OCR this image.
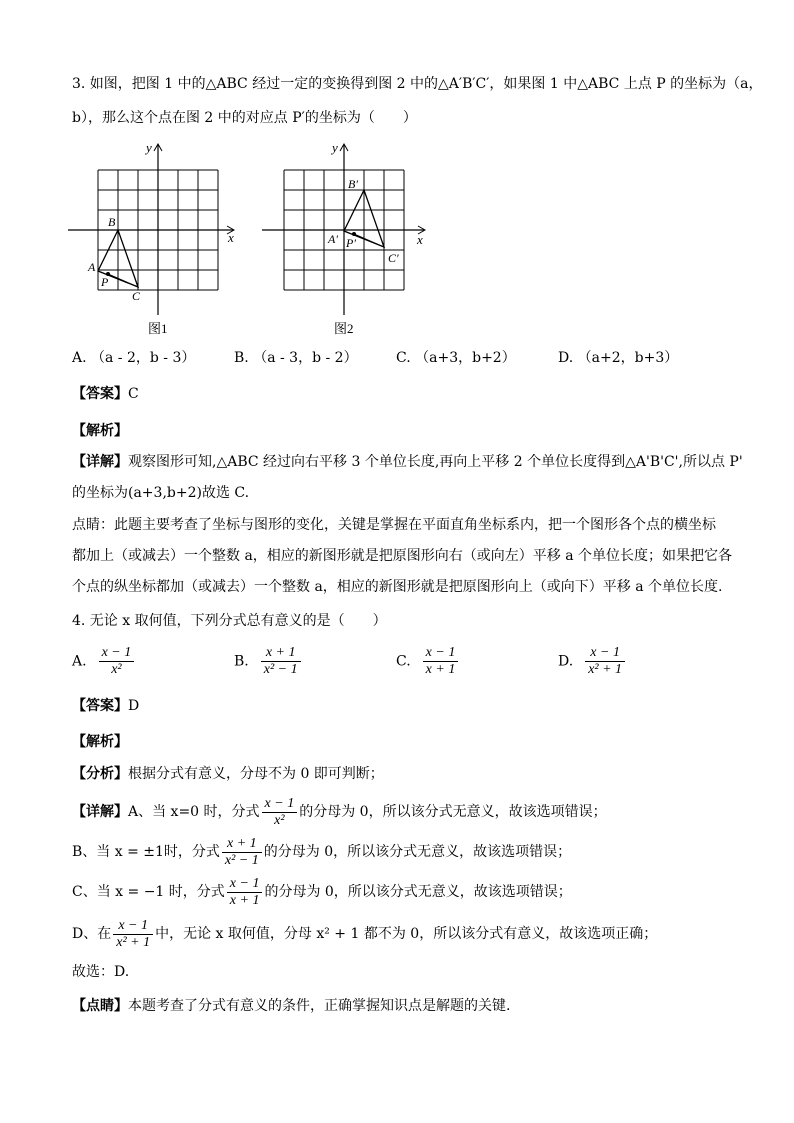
3. 如图，把图 1 中的△ABC 经过一定的变换得到图 2 中的△A′B′C′，如果图 1 中△ABC 上点 P 的坐标为（a，
b），那么这个点在图 2 中的对应点 P′的坐标为（　　）
y
x
B
A
P
C
图1
y
x
B′
A′ P′
C′
图2
A. （a - 2，b - 3）	B. （a - 3，b - 2）	C. （a+3，b+2）	D. （a+2，b+3）
【答案】C
【解析】
【详解】观察图形可知,△ABC 经过向右平移 3 个单位长度,再向上平移 2 个单位长度得到△A'B'C',所以点 P'
的坐标为(a+3,b+2)故选 C.
点睛：此题主要考查了坐标与图形的变化，关键是掌握在平面直角坐标系内，把一个图形各个点的横坐标
都加上（或减去）一个整数 a，相应的新图形就是把原图形向右（或向左）平移 a 个单位长度；如果把它各
个点的纵坐标都加（或减去）一个整数 a，相应的新图形就是把原图形向上（或向下）平移 a 个单位长度.
4. 无论 x 取何值，下列分式总有意义的是（　　）
A. $\frac{x - 1}{\text{x²}}$	B. $\frac{x + 1}{\text{x² − 1}}$	C. $\frac{x - 1}{x + 1}$	D. $\frac{x - 1}{\text{x² + 1}}$
【答案】D
【解析】
【分析】根据分式有意义，分母不为 0 即可判断；
【详解】A、当 x=0 时，分式 $\frac{x - 1}{\text{x²}}$ 的分母为 0，所以该分式无意义，故该选项错误；
B、当 x = ±1时，分式 $\frac{x + 1}{\text{x² − 1}}$ 的分母为 0，所以该分式无意义，故该选项错误；
C、当 x = −1 时，分式 $\frac{x - 1}{x + 1}$ 的分母为 0，所以该分式无意义，故该选项错误；
D、在 $\frac{x - 1}{\text{x² + 1}}$ 中，无论 x 取何值，分母 x² + 1 都不为 0，所以该分式有意义，故该选项正确；
故选：D.
【点睛】本题考查了分式有意义的条件，正确掌握知识点是解题的关键.
